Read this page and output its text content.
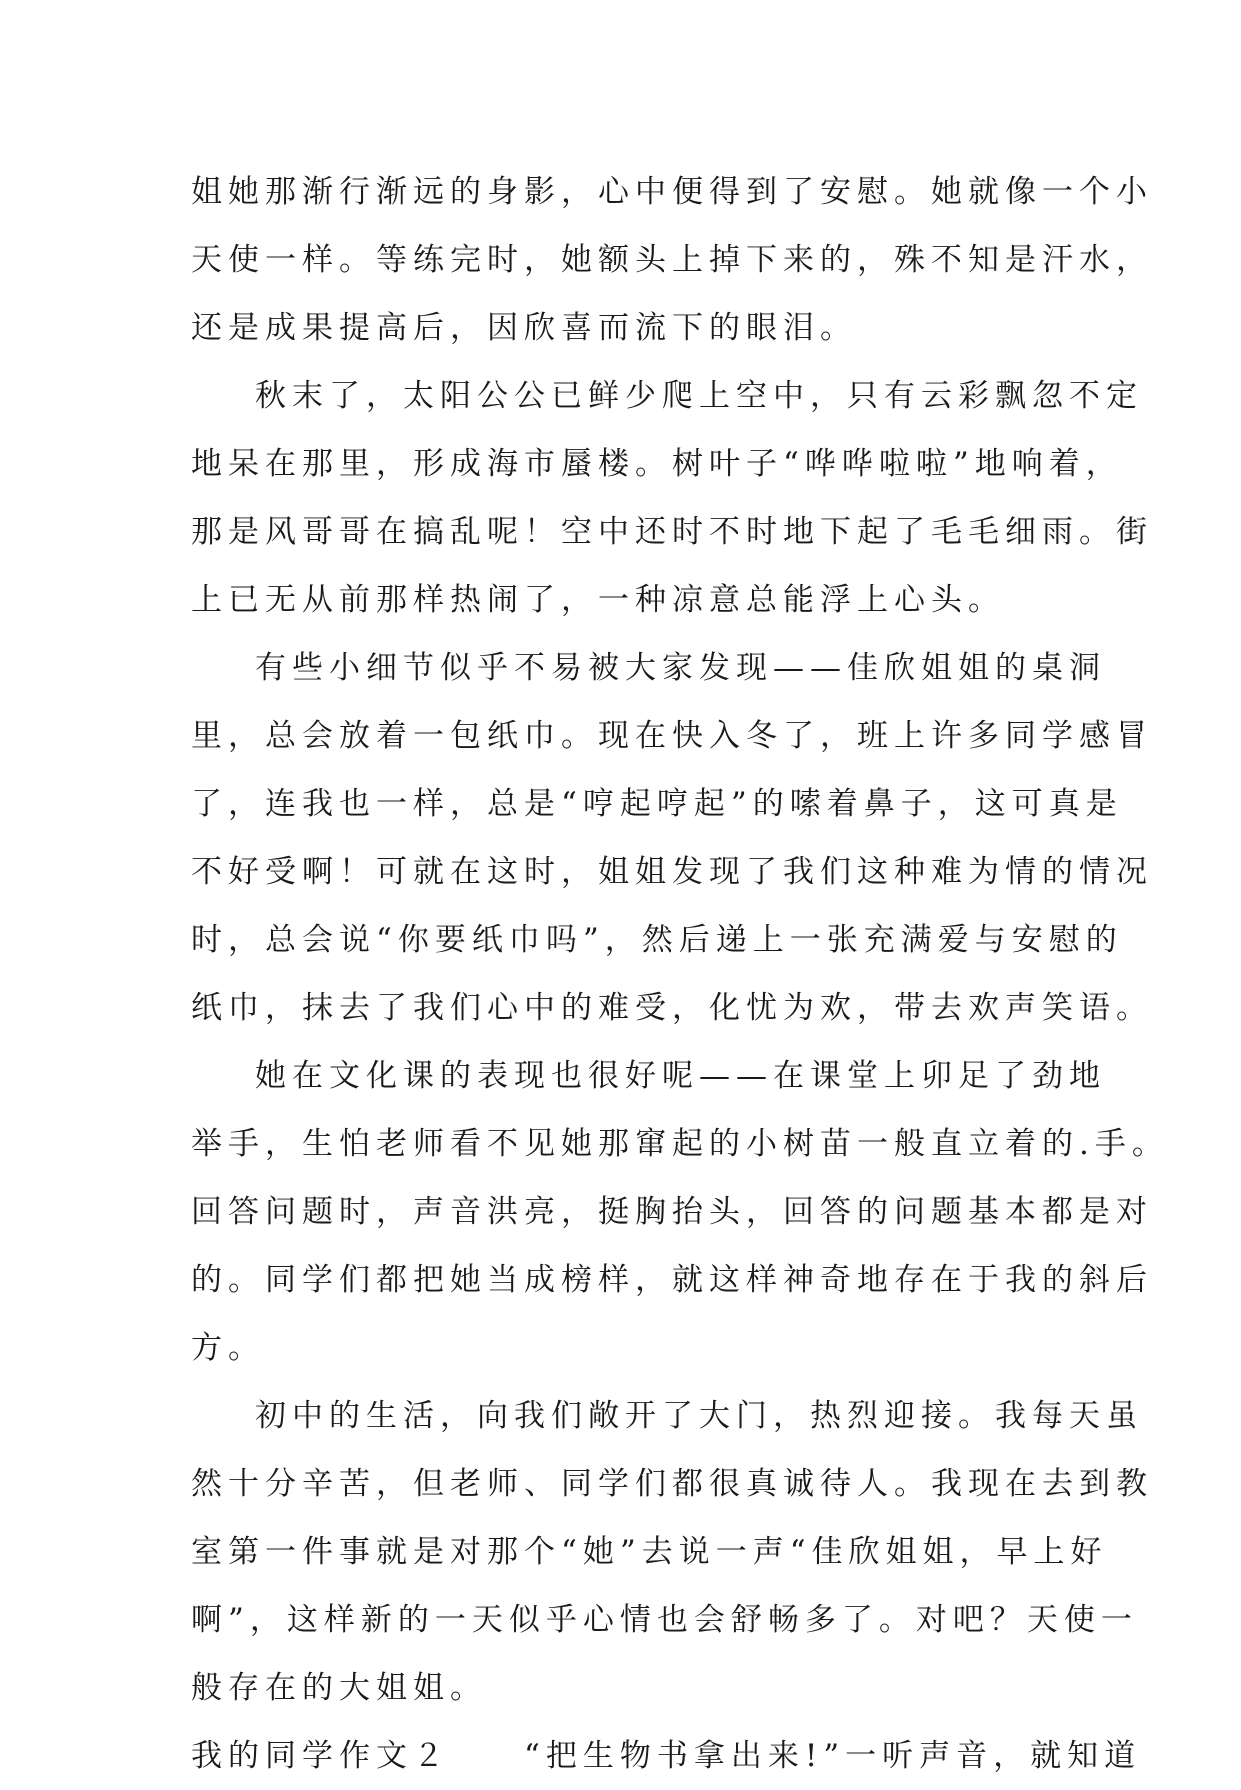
姐她那渐行渐远的身影，心中便得到了安慰。她就像一个小
天使一样。等练完时，她额头上掉下来的，殊不知是汗水，
还是成果提高后，因欣喜而流下的眼泪。
秋末了，太阳公公已鲜少爬上空中，只有云彩飘忽不定
地呆在那里，形成海市蜃楼。树叶子“哗哗啦啦”地响着，
那是风哥哥在搞乱呢！空中还时不时地下起了毛毛细雨。街
上已无从前那样热闹了，一种凉意总能浮上心头。
有些小细节似乎不易被大家发现——佳欣姐姐的桌洞
里，总会放着一包纸巾。现在快入冬了，班上许多同学感冒
了，连我也一样，总是“哼起哼起”的嗦着鼻子，这可真是
不好受啊！可就在这时，姐姐发现了我们这种难为情的情况
时，总会说“你要纸巾吗”，然后递上一张充满爱与安慰的
纸巾，抹去了我们心中的难受，化忧为欢，带去欢声笑语。
她在文化课的表现也很好呢——在课堂上卯足了劲地
举手，生怕老师看不见她那窜起的小树苗一般直立着的.手。
回答问题时，声音洪亮，挺胸抬头，回答的问题基本都是对
的。同学们都把她当成榜样，就这样神奇地存在于我的斜后
方。
初中的生活，向我们敞开了大门，热烈迎接。我每天虽
然十分辛苦，但老师、同学们都很真诚待人。我现在去到教
室第一件事就是对那个“她”去说一声“佳欣姐姐，早上好
啊”，这样新的一天似乎心情也会舒畅多了。对吧？天使一
般存在的大姐姐。
我的同学作文２　　“把生物书拿出来!”一听声音，就知道
